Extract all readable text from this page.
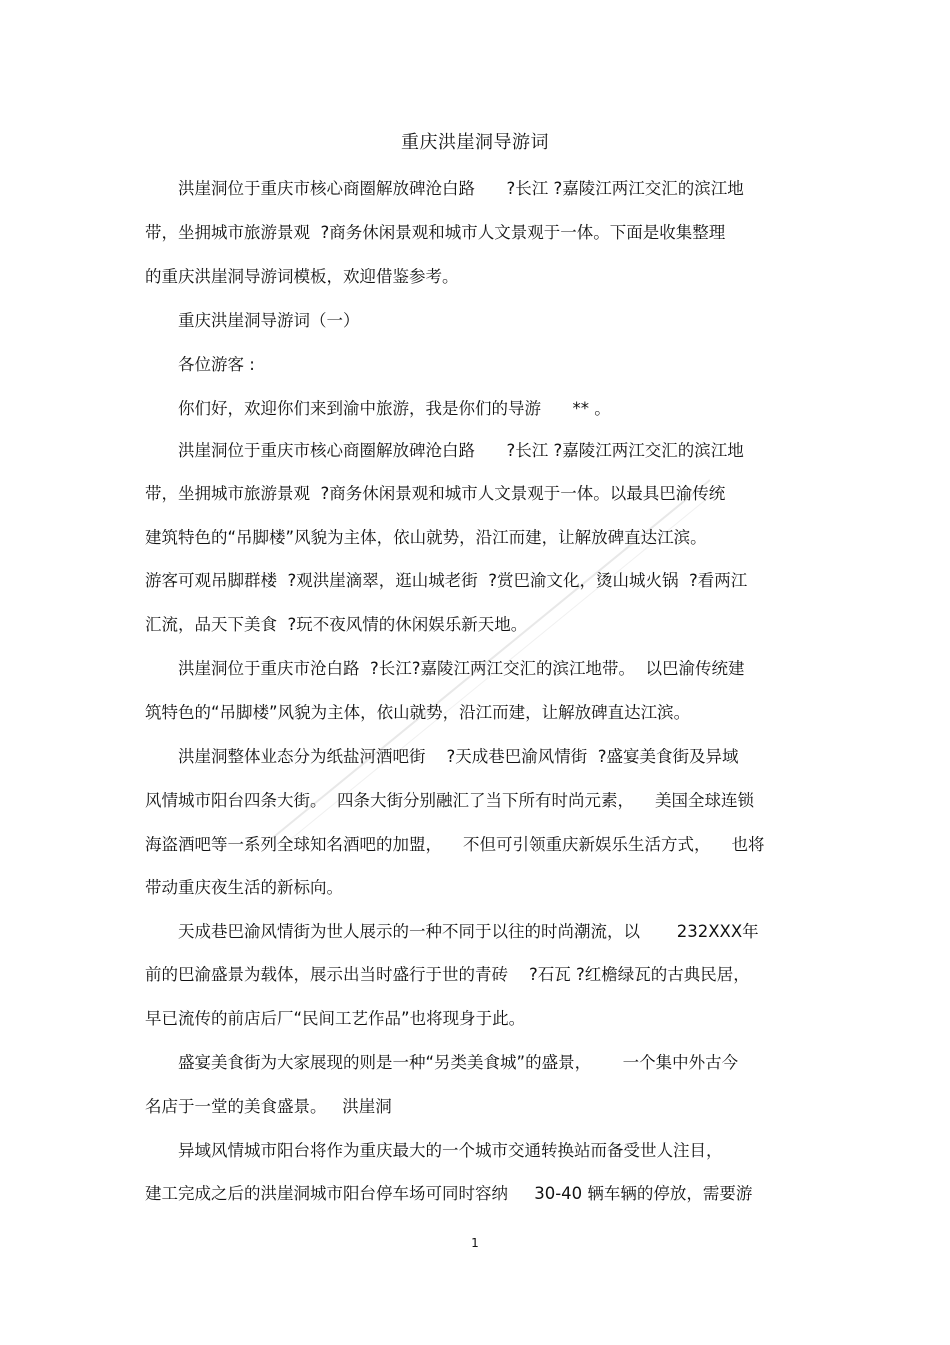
重庆洪崖洞导游词
洪崖洞位于重庆市核心商圈解放碑沧白路      ?长江 ?嘉陵江两江交汇的滨江地
带，坐拥城市旅游景观  ?商务休闲景观和城市人文景观于一体。下面是收集整理
的重庆洪崖洞导游词模板，欢迎借鉴参考。
重庆洪崖洞导游词（一）
各位游客 :
你们好，欢迎你们来到渝中旅游，我是你们的导游      ** 。
洪崖洞位于重庆市核心商圈解放碑沧白路      ?长江 ?嘉陵江两江交汇的滨江地
带，坐拥城市旅游景观  ?商务休闲景观和城市人文景观于一体。以最具巴渝传统
建筑特色的“吊脚楼”风貌为主体，依山就势，沿江而建，让解放碑直达江滨。
游客可观吊脚群楼  ?观洪崖滴翠，逛山城老街  ?赏巴渝文化，烫山城火锅  ?看两江
汇流，品天下美食  ?玩不夜风情的休闲娱乐新天地。
洪崖洞位于重庆市沧白路  ?长江?嘉陵江两江交汇的滨江地带。  以巴渝传统建
筑特色的“吊脚楼”风貌为主体，依山就势，沿江而建，让解放碑直达江滨。
洪崖洞整体业态分为纸盐河酒吧街    ?天成巷巴渝风情街  ?盛宴美食街及异域
风情城市阳台四条大街。  四条大街分别融汇了当下所有时尚元素，    美国全球连锁
海盗酒吧等一系列全球知名酒吧的加盟，    不但可引领重庆新娱乐生活方式，    也将
带动重庆夜生活的新标向。
天成巷巴渝风情街为世人展示的一种不同于以往的时尚潮流，以       232XXX年
前的巴渝盛景为载体，展示出当时盛行于世的青砖    ?石瓦 ?红檐绿瓦的古典民居，
早已流传的前店后厂“民间工艺作品”也将现身于此。
盛宴美食街为大家展现的则是一种“另类美食城”的盛景，      一个集中外古今
名店于一堂的美食盛景。   洪崖洞
异域风情城市阳台将作为重庆最大的一个城市交通转换站而备受世人注目，
建工完成之后的洪崖洞城市阳台停车场可同时容纳     30-40 辆车辆的停放，需要游
1
